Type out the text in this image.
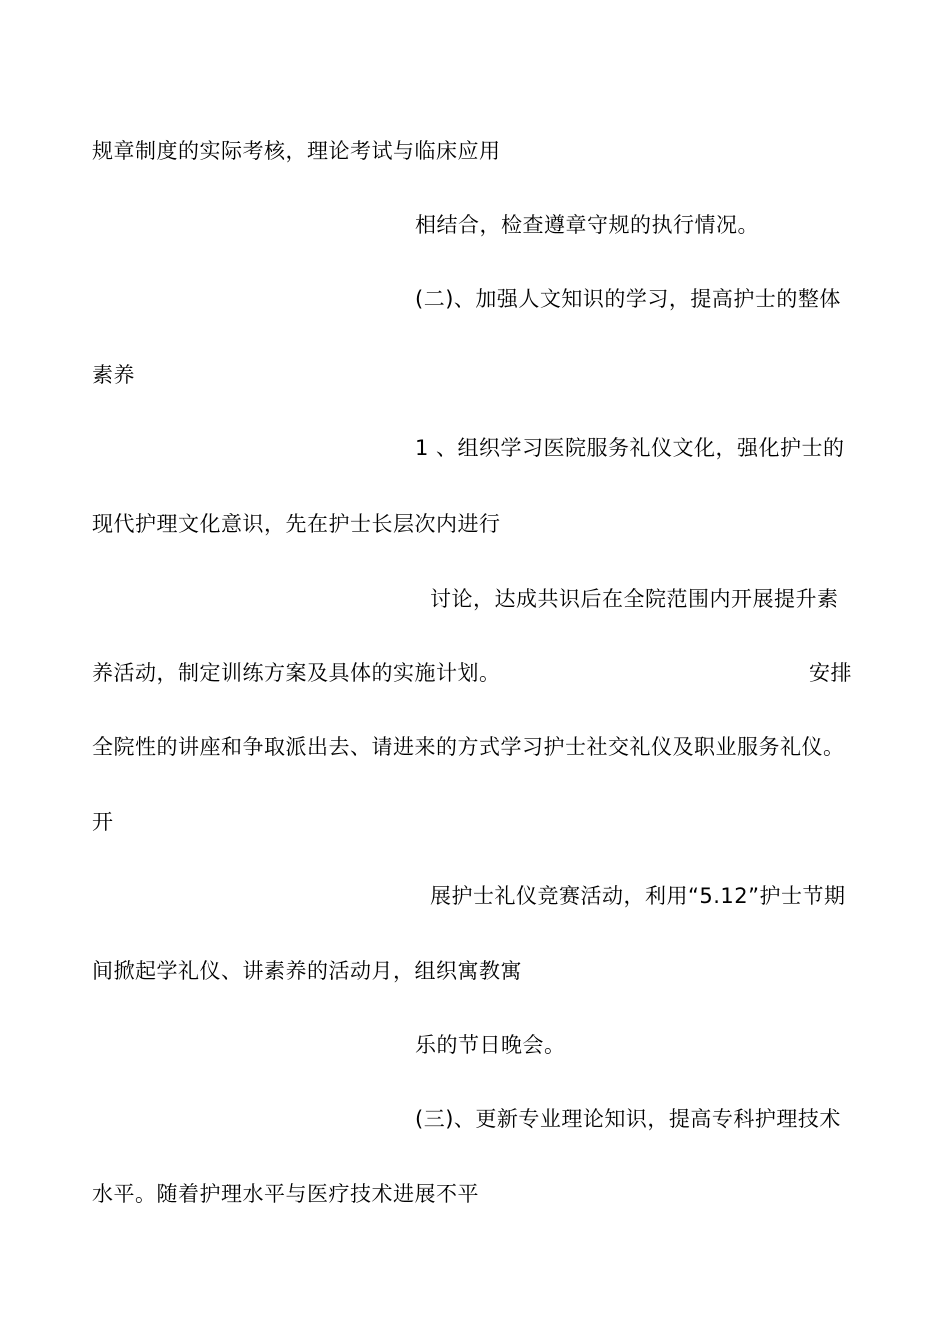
规章制度的实际考核，理论考试与临床应用
相结合，检查遵章守规的执行情况。
(二)、加强人文知识的学习，提高护士的整体
素养
1 、组织学习医院服务礼仪文化，强化护士的
现代护理文化意识，先在护士长层次内进行
讨论，达成共识后在全院范围内开展提升素
养活动，制定训练方案及具体的实施计划。	安排
全院性的讲座和争取派出去、请进来的方式学习护士社交礼仪及职业服务礼仪。
开
展护士礼仪竞赛活动，利用“5.12”护士节期
间掀起学礼仪、讲素养的活动月，组织寓教寓
乐的节日晚会。
(三)、更新专业理论知识，提高专科护理技术
水平。随着护理水平与医疗技术进展不平
